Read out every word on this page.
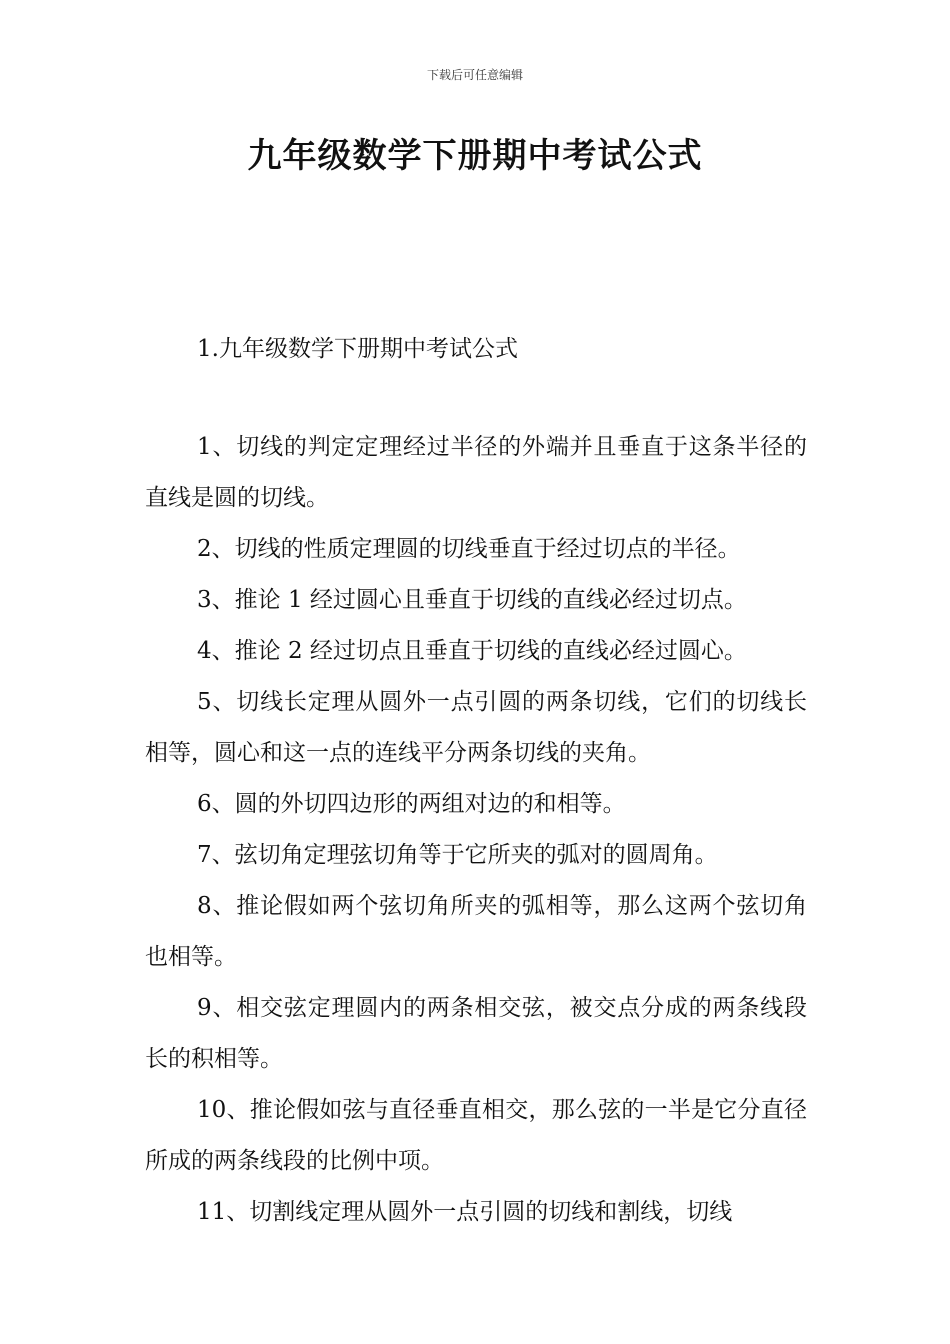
下载后可任意编辑
九年级数学下册期中考试公式
1.九年级数学下册期中考试公式

1、切线的判定定理经过半径的外端并且垂直于这条半径的直线是圆的切线。

2、切线的性质定理圆的切线垂直于经过切点的半径。

3、推论 1 经过圆心且垂直于切线的直线必经过切点。

4、推论 2 经过切点且垂直于切线的直线必经过圆心。

5、切线长定理从圆外一点引圆的两条切线，它们的切线长相等，圆心和这一点的连线平分两条切线的夹角。

6、圆的外切四边形的两组对边的和相等。

7、弦切角定理弦切角等于它所夹的弧对的圆周角。

8、推论假如两个弦切角所夹的弧相等，那么这两个弦切角也相等。

9、相交弦定理圆内的两条相交弦，被交点分成的两条线段长的积相等。

10、推论假如弦与直径垂直相交，那么弦的一半是它分直径所成的两条线段的比例中项。

11、切割线定理从圆外一点引圆的切线和割线，切线
